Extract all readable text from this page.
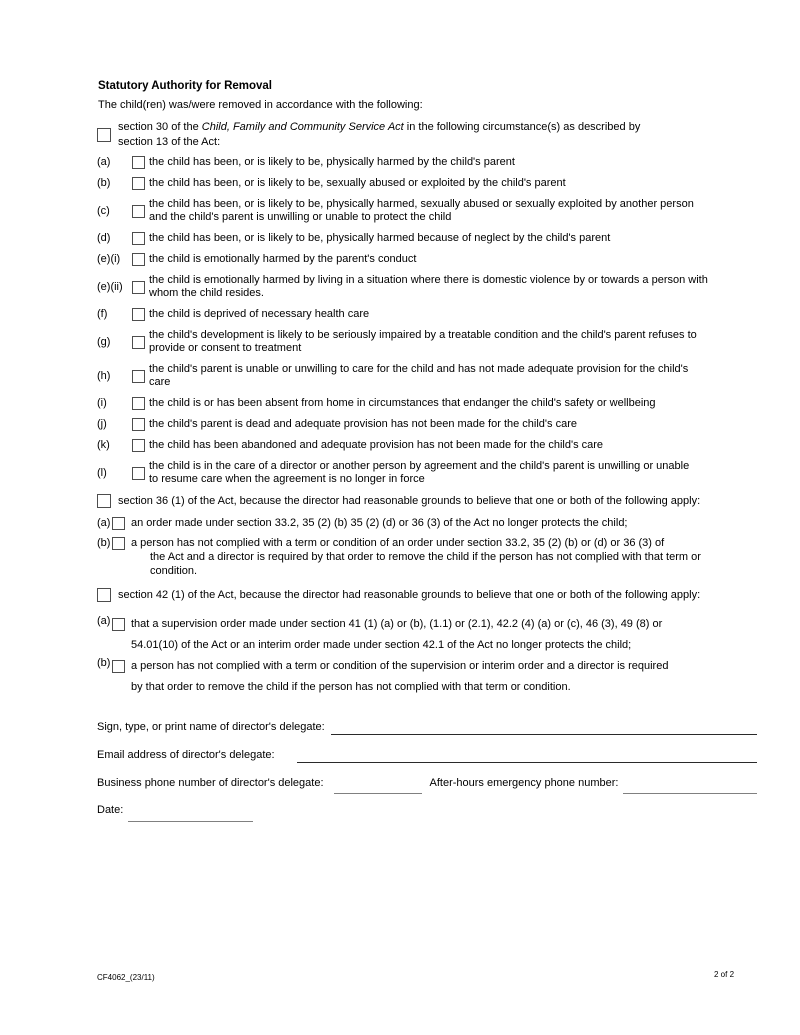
Statutory Authority for Removal
The child(ren) was/were removed in accordance with the following:
section 30 of the Child, Family and Community Service Act in the following circumstance(s) as described by
section 13 of the Act:
(a)	the child has been, or is likely to be, physically harmed by the child's parent
(b)	the child has been, or is likely to be, sexually abused or exploited by the child's parent
(c)
the child has been, or is likely to be, physically harmed, sexually abused or sexually exploited by another person
and the child's parent is unwilling or unable to protect the child
(d)	the child has been, or is likely to be, physically harmed because of neglect by the child's parent
(e)(i)	the child is emotionally harmed by the parent's conduct
(e)(ii)
the child is emotionally harmed by living in a situation where there is domestic violence by or towards a person with
whom the child resides.
(f)	the child is deprived of necessary health care
(g)
the child's development is likely to be seriously impaired by a treatable condition and the child's parent refuses to
provide or consent to treatment
(h)
the child's parent is unable or unwilling to care for the child and has not made adequate provision for the child's
care
(i)	the child is or has been absent from home in circumstances that endanger the child's safety or wellbeing
(j)	the child's parent is dead and adequate provision has not been made for the child's care
(k)	the child has been abandoned and adequate provision has not been made for the child's care
(l)
the child is in the care of a director or another person by agreement and the child's parent is unwilling or unable
to resume care when the agreement is no longer in force
section 36 (1) of the Act, because the director had reasonable grounds to believe that one or both of the following apply:
(a) an order made under section 33.2, 35 (2) (b) 35 (2) (d) or 36 (3) of the Act no longer protects the child;
(b) a person has not complied with a term or condition of an order under section 33.2, 35 (2) (b) or (d) or 36 (3) of
the Act and a director is required by that order to remove the child if the person has not complied with that term or
condition.
section 42 (1) of the Act, because the director had reasonable grounds to believe that one or both of the following apply:
(a) that a supervision order made under section 41 (1) (a) or (b), (1.1) or (2.1), 42.2 (4) (a) or (c), 46 (3), 49 (8) or
54.01(10) of the Act or an interim order made under section 42.1 of the Act no longer protects the child;
(b) a person has not complied with a term or condition of the supervision or interim order and a director is required
by that order to remove the child if the person has not complied with that term or condition.
Sign, type, or print name of director's delegate:
Email address of director's delegate:
Business phone number of director's delegate:	After-hours emergency phone number:
Date:
CF4062_(23/11)	2 of 2
